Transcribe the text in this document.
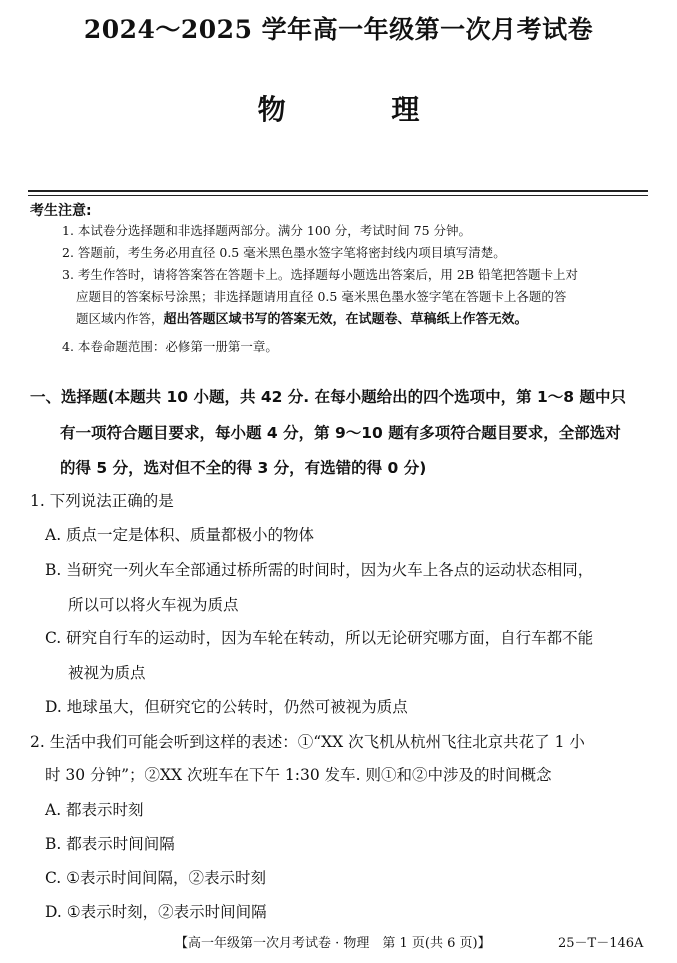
2024～2025 学年高一年级第一次月考试卷
物 理
考生注意:
1. 本试卷分选择题和非选择题两部分。满分 100 分，考试时间 75 分钟。
2. 答题前，考生务必用直径 0.5 毫米黑色墨水签字笔将密封线内项目填写清楚。
3. 考生作答时，请将答案答在答题卡上。选择题每小题选出答案后，用 2B 铅笔把答题卡上对
应题目的答案标号涂黑；非选择题请用直径 0.5 毫米黑色墨水签字笔在答题卡上各题的答
题区域内作答，超出答题区域书写的答案无效，在试题卷、草稿纸上作答无效。
4. 本卷命题范围：必修第一册第一章。
一、选择题(本题共 10 小题，共 42 分. 在每小题给出的四个选项中，第 1～8 题中只
有一项符合题目要求，每小题 4 分，第 9～10 题有多项符合题目要求，全部选对
的得 5 分，选对但不全的得 3 分，有选错的得 0 分)
1. 下列说法正确的是
A. 质点一定是体积、质量都极小的物体
B. 当研究一列火车全部通过桥所需的时间时，因为火车上各点的运动状态相同，
所以可以将火车视为质点
C. 研究自行车的运动时，因为车轮在转动，所以无论研究哪方面，自行车都不能
被视为质点
D. 地球虽大，但研究它的公转时，仍然可被视为质点
2. 生活中我们可能会听到这样的表述：①“XX 次飞机从杭州飞往北京共花了 1 小
时 30 分钟”；②XX 次班车在下午 1:30 发车. 则①和②中涉及的时间概念
A. 都表示时刻
B. 都表示时间间隔
C. ①表示时间间隔，②表示时刻
D. ①表示时刻，②表示时间间隔
【高一年级第一次月考试卷 · 物理　第 1 页(共 6 页)】	25－T－146A
